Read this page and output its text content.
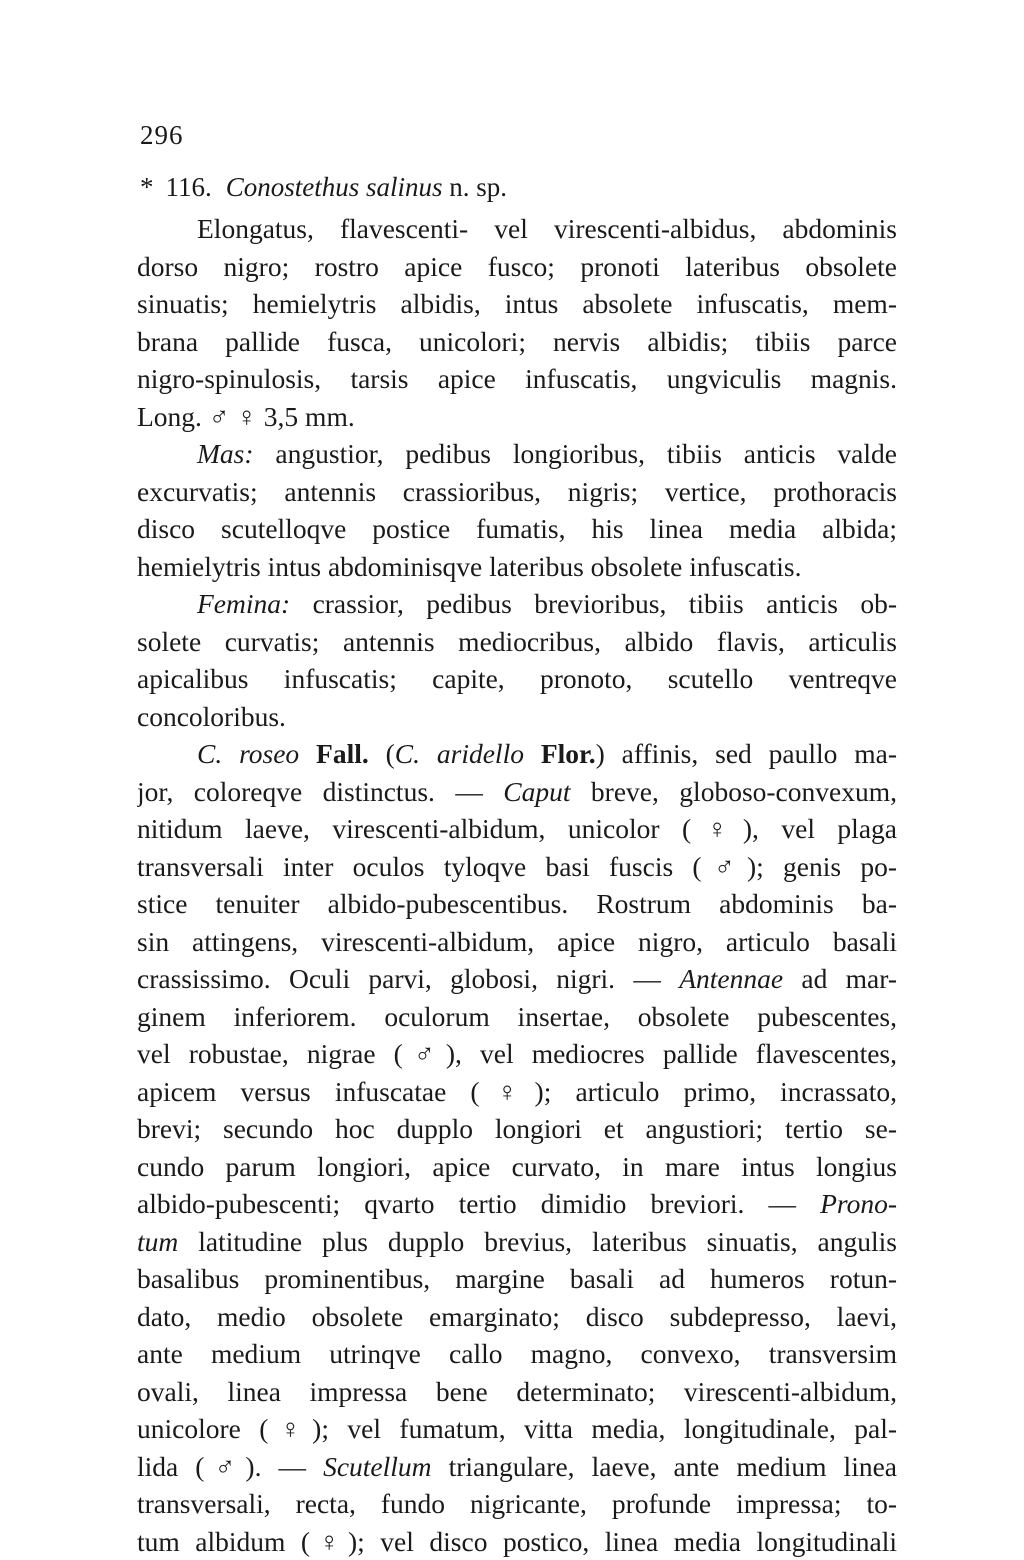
296
* 116. Conostethus salinus n. sp.
Elongatus, flavescenti- vel virescenti-albidus, abdominis
dorso nigro; rostro apice fusco; pronoti lateribus obsolete
sinuatis; hemielytris albidis, intus absolete infuscatis, mem-
brana pallide fusca, unicolori; nervis albidis; tibiis parce
nigro-spinulosis, tarsis apice infuscatis, ungviculis magnis.
Long. ♂ ♀ 3,5 mm.
Mas: angustior, pedibus longioribus, tibiis anticis valde
excurvatis; antennis crassioribus, nigris; vertice, prothoracis
disco scutelloqve postice fumatis, his linea media albida;
hemielytris intus abdominisqve lateribus obsolete infuscatis.
Femina: crassior, pedibus brevioribus, tibiis anticis ob-
solete curvatis; antennis mediocribus, albido flavis, articulis
apicalibus infuscatis; capite, pronoto, scutello ventreqve
concoloribus.
C. roseo Fall. (C. aridello Flor.) affinis, sed paullo ma-
jor, coloreqve distinctus. — Caput breve, globoso-convexum,
nitidum laeve, virescenti-albidum, unicolor (♀), vel plaga
transversali inter oculos tyloqve basi fuscis (♂); genis po-
stice tenuiter albido-pubescentibus. Rostrum abdominis ba-
sin attingens, virescenti-albidum, apice nigro, articulo basali
crassissimo. Oculi parvi, globosi, nigri. — Antennae ad mar-
ginem inferiorem. oculorum insertae, obsolete pubescentes,
vel robustae, nigrae (♂), vel mediocres pallide flavescentes,
apicem versus infuscatae (♀); articulo primo, incrassato,
brevi; secundo hoc dupplo longiori et angustiori; tertio se-
cundo parum longiori, apice curvato, in mare intus longius
albido-pubescenti; qvarto tertio dimidio breviori. — Prono-
tum latitudine plus dupplo brevius, lateribus sinuatis, angulis
basalibus prominentibus, margine basali ad humeros rotun-
dato, medio obsolete emarginato; disco subdepresso, laevi,
ante medium utrinqve callo magno, convexo, transversim
ovali, linea impressa bene determinato; virescenti-albidum,
unicolore (♀); vel fumatum, vitta media, longitudinale, pal-
lida (♂). — Scutellum triangulare, laeve, ante medium linea
transversali, recta, fundo nigricante, profunde impressa; to-
tum albidum (♀); vel disco postico, linea media longitudinali
